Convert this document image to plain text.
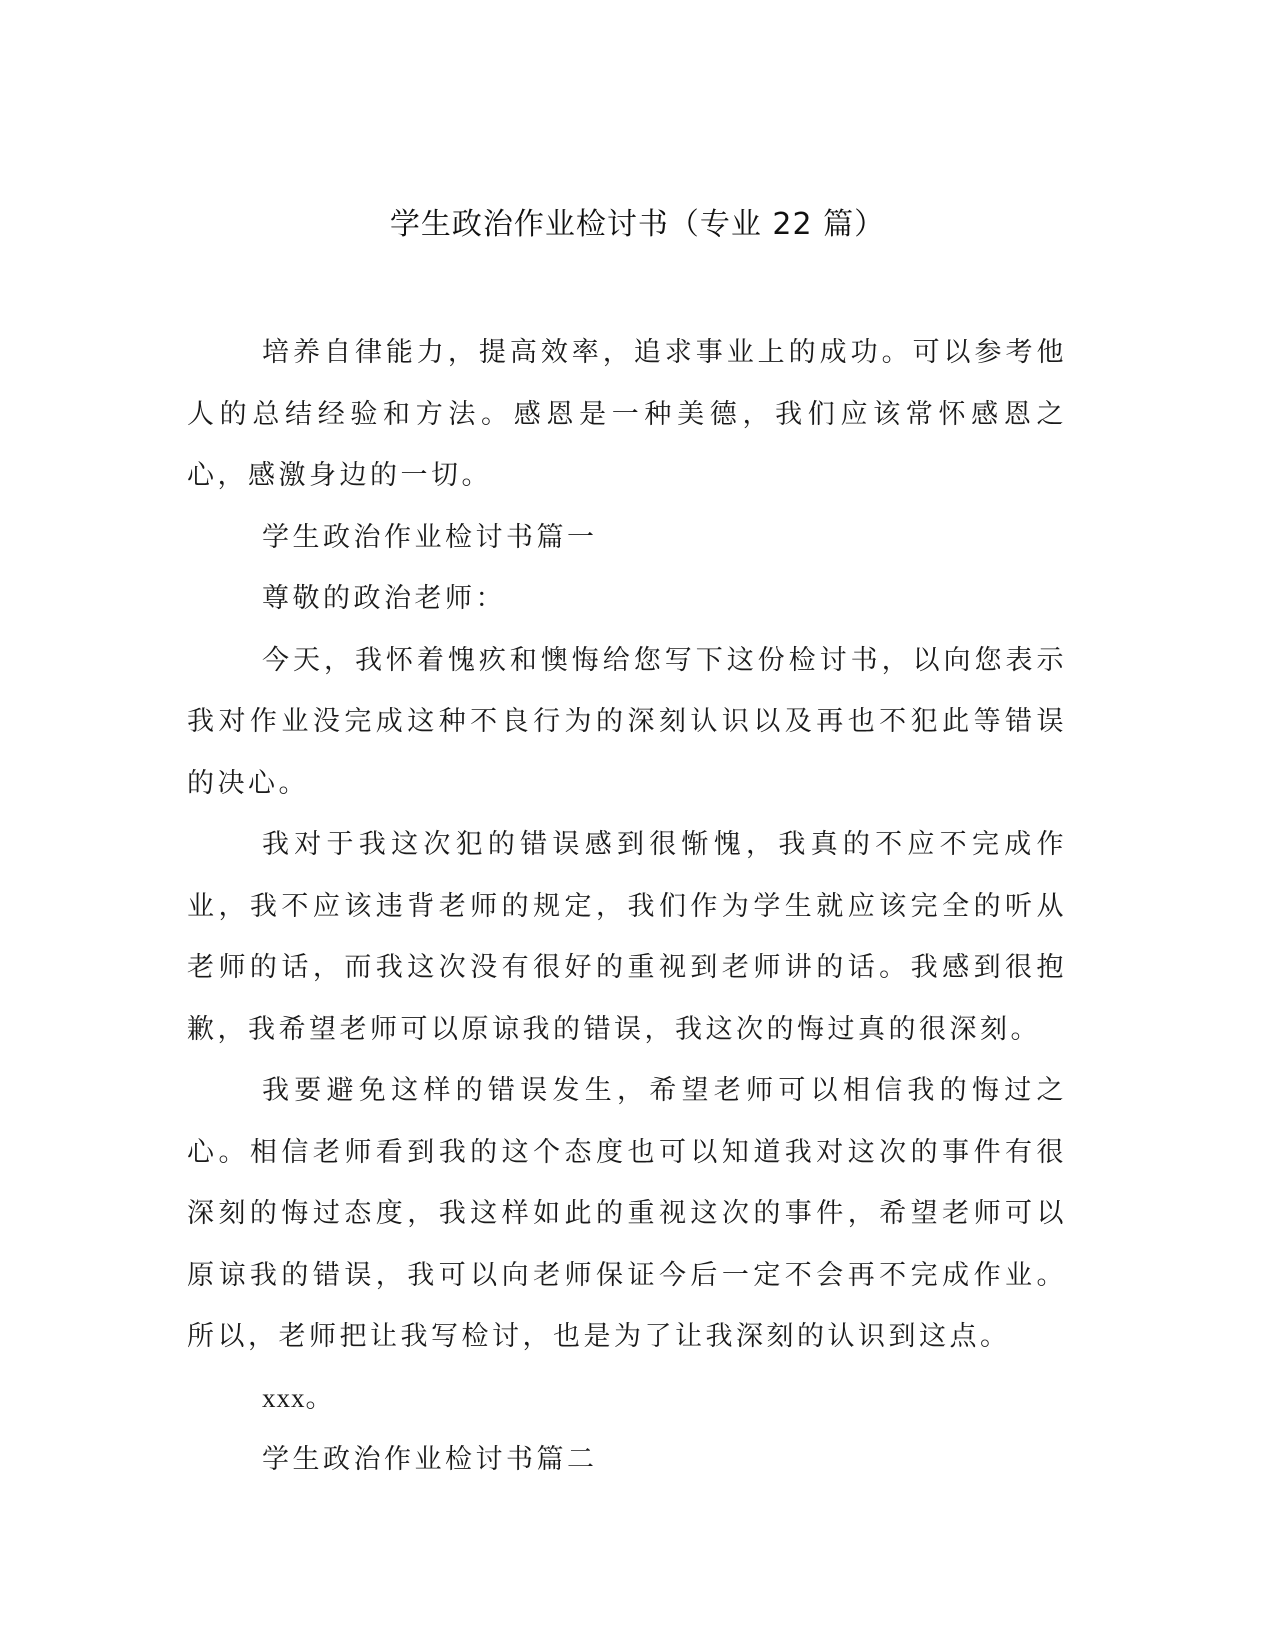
学生政治作业检讨书（专业 22 篇）

培养自律能力，提高效率，追求事业上的成功。可以参考他人的总结经验和方法。感恩是一种美德，我们应该常怀感恩之心，感激身边的一切。

学生政治作业检讨书篇一

尊敬的政治老师：

今天，我怀着愧疚和懊悔给您写下这份检讨书，以向您表示我对作业没完成这种不良行为的深刻认识以及再也不犯此等错误的决心。

我对于我这次犯的错误感到很惭愧，我真的不应不完成作业，我不应该违背老师的规定，我们作为学生就应该完全的听从老师的话，而我这次没有很好的重视到老师讲的话。我感到很抱歉，我希望老师可以原谅我的错误，我这次的悔过真的很深刻。

我要避免这样的错误发生，希望老师可以相信我的悔过之心。相信老师看到我的这个态度也可以知道我对这次的事件有很深刻的悔过态度，我这样如此的重视这次的事件，希望老师可以原谅我的错误，我可以向老师保证今后一定不会再不完成作业。所以，老师把让我写检讨，也是为了让我深刻的认识到这点。

xxx。

学生政治作业检讨书篇二
